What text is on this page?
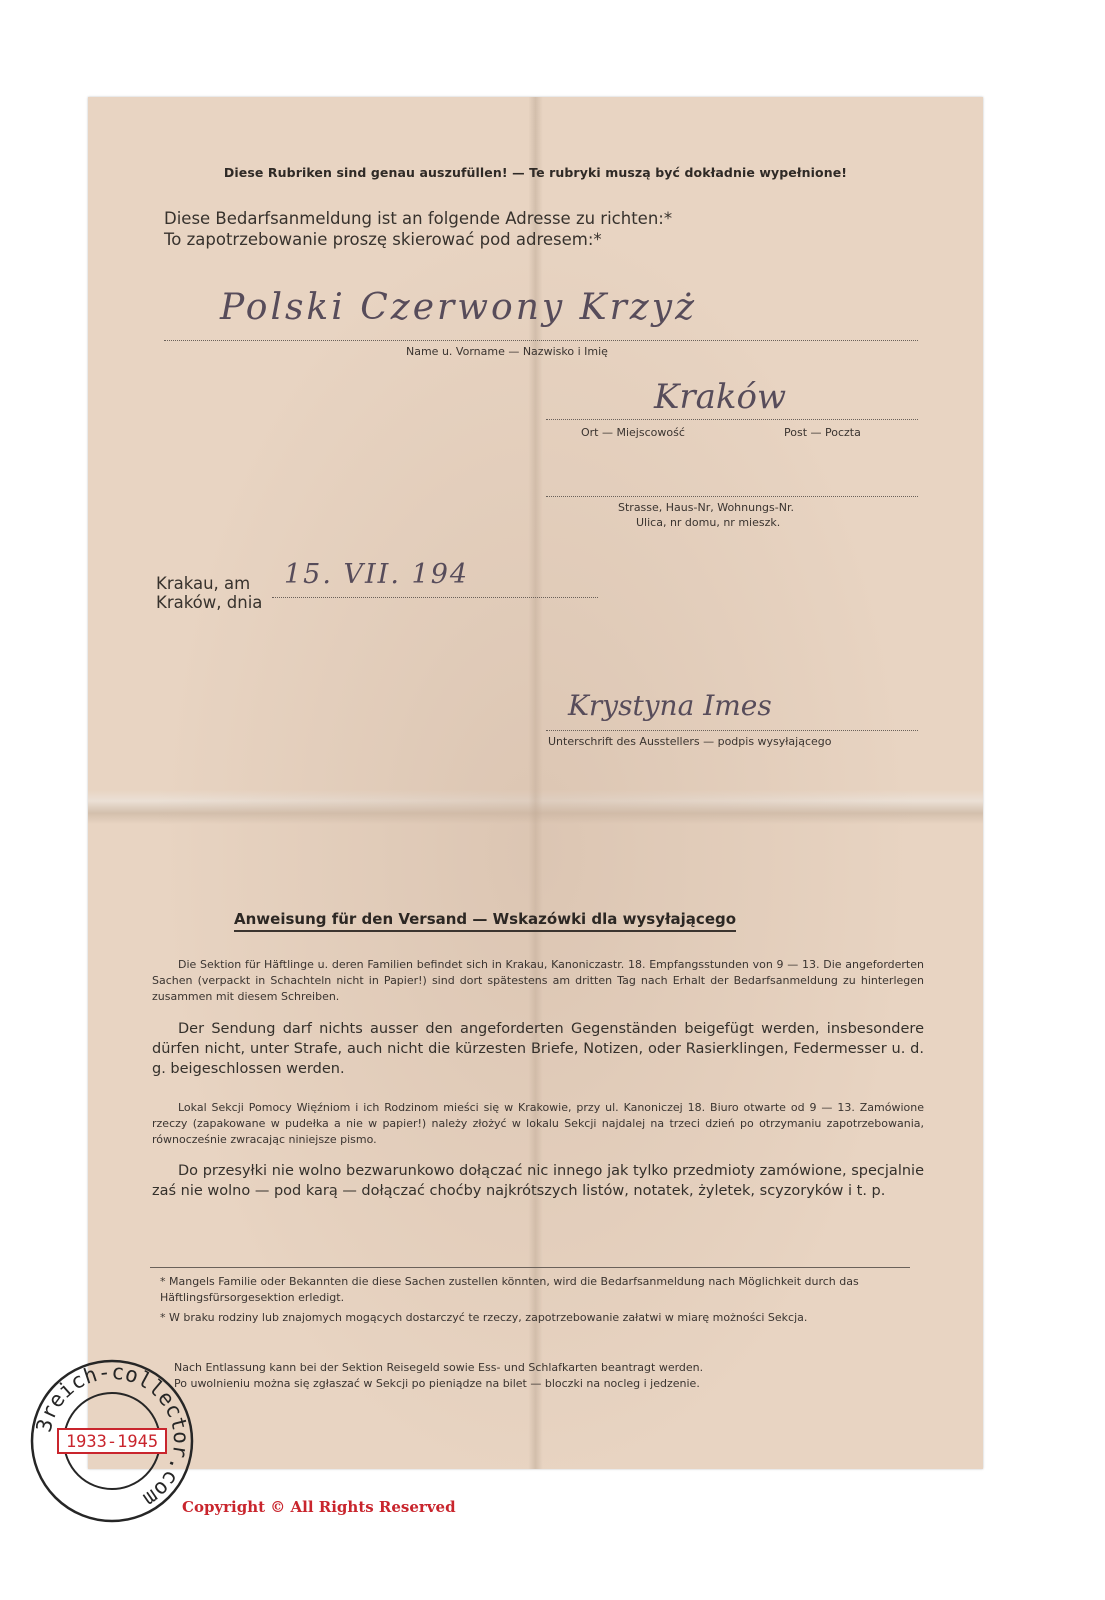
Diese Rubriken sind genau auszufüllen! — Te rubryki muszą być dokładnie wypełnione!
Diese Bedarfsanmeldung ist an folgende Adresse zu richten:*
To zapotrzebowanie proszę skierować pod adresem:*
Polski Czerwony Krzyż
Name u. Vorname — Nazwisko i Imię
Kraków
Ort — Miejscowość	Post — Poczta
Strasse, Haus-Nr, Wohnungs-Nr.
Ulica, nr domu, nr mieszk.
Krakau, am
Kraków, dnia
15. VII. 194
Krystyna Imes
Unterschrift des Ausstellers — podpis wysyłającego
Anweisung für den Versand — Wskazówki dla wysyłającego
Die Sektion für Häftlinge u. deren Familien befindet sich in Krakau, Kanoniczastr. 18. Empfangsstunden von 9 — 13. Die angeforderten Sachen (verpackt in Schachteln nicht in Papier!) sind dort spätestens am dritten Tag nach Erhalt der Bedarfsanmeldung zu hinterlegen zusammen mit diesem Schreiben.
Der Sendung darf nichts ausser den angeforderten Gegenständen beigefügt werden, insbesondere dürfen nicht, unter Strafe, auch nicht die kürzesten Briefe, Notizen, oder Rasierklingen, Federmesser u. d. g. beigeschlossen werden.
Lokal Sekcji Pomocy Więźniom i ich Rodzinom mieści się w Krakowie, przy ul. Kanoniczej 18. Biuro otwarte od 9 — 13. Zamówione rzeczy (zapakowane w pudełka a nie w papier!) należy złożyć w lokalu Sekcji najdalej na trzeci dzień po otrzymaniu zapotrzebowania, równocześnie zwracając niniejsze pismo.
Do przesyłki nie wolno bezwarunkowo dołączać nic innego jak tylko przedmioty zamówione, specjalnie zaś nie wolno — pod karą — dołączać choćby najkrótszych listów, notatek, żyletek, scyzoryków i t. p.
* Mangels Familie oder Bekannten die diese Sachen zustellen könnten, wird die Bedarfsanmeldung nach Möglichkeit durch das Häftlingsfürsorgesektion erledigt.
* W braku rodziny lub znajomych mogących dostarczyć te rzeczy, zapotrzebowanie załatwi w miarę możności Sekcja.
Nach Entlassung kann bei der Sektion Reisegeld sowie Ess- und Schlafkarten beantragt werden.
Po uwolnieniu można się zgłaszać w Sekcji po pieniądze na bilet — bloczki na nocleg i jedzenie.
3reich-collector.com
1933-1945
Copyright © All Rights Reserved
